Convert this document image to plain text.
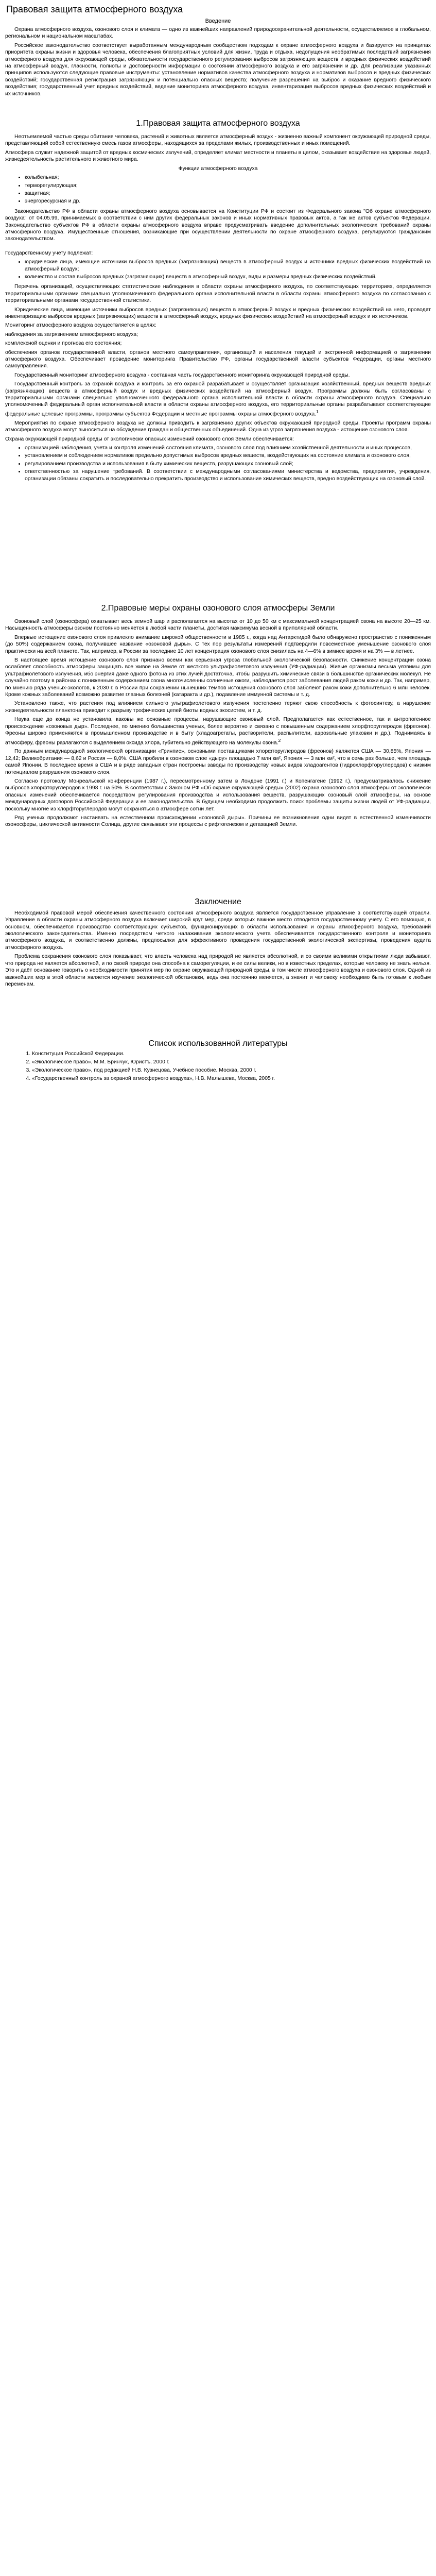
Правовая защита атмосферного воздуха
Введение

Охрана атмосферного воздуха, озонового слоя и климата — одно из важнейших направлений природоохранительной деятельности, осуществляемое в глобальном, региональном и национальном масштабах.

Российское законодательство соответствует выработанным международным сообществом подходам к охране атмосферного воздуха и базируется на принципах приоритета охраны жизни и здоровья человека, обеспечения благоприятных условий для жизни, труда и отдыха, недопущения необратимых последствий загрязнения атмосферного воздуха для окружающей среды, обязательности государственного регулирования выбросов загрязняющих веществ и вредных физических воздействий на атмосферный воздух, гласности, полноты и достоверности информации о состоянии атмосферного воздуха и его загрязнении и др. Для реализации указанных принципов используются следующие правовые инструменты: установление нормативов качества атмосферного воздуха и нормативов выбросов и вредных физических воздействий; государственная регистрация загрязняющих и потенциально опасных веществ; получение разрешения на выброс и оказание вредного физического воздействия; государственный учет вредных воздействий, ведение мониторинга атмосферного воздуха, инвентаризация выбросов вредных физических воздействий и их источников.

1.Правовая защита атмосферного воздуха

Неотъемлемой частью среды обитания человека, растений и животных является атмосферный воздух - жизненно важный компонент окружающей природной среды, представляющий собой естественную смесь газов атмосферы, находящихся за пределами жилых, производственных и иных помещений.

Атмосфера служит надежной защитой от вредных космических излучений, определяет климат местности и планеты в целом, оказывает воздействие на здоровье людей, жизнедеятельность растительного и животного мира.

Функции атмосферного воздуха

• колыбельная;
• терморегулирующая;
• защитная;
• энергоресурсная и др.

Законодательство РФ в области охраны атмосферного воздуха основывается на Конституции РФ и состоит из Федерального закона "Об охране атмосферного воздуха" от 04.05.99, принимаемых в соответствии с ним других федеральных законов и иных нормативных правовых актов, а так же актов субъектов Федерации. Законодательство субъектов РФ в области охраны атмосферного воздуха вправе предусматривать введение дополнительных экологических требований охраны атмосферного воздуха. Имущественные отношения, возникающие при осуществлении деятельности по охране атмосферного воздуха, регулируются гражданским законодательством.

Государственному учету подлежат:

• юридические лица, имеющие источники выбросов вредных (загрязняющих) веществ в атмосферный воздух и источники вредных физических воздействий на атмосферный воздух;
• количество и состав выбросов вредных (загрязняющих) веществ в атмосферный воздух, виды и размеры вредных физических воздействий.

Перечень организаций, осуществляющих статистические наблюдения в области охраны атмосферного воздуха, по соответствующих территориях, определяется территориальными органами специально уполномоченного федерального органа исполнительной власти в области охраны атмосферного воздуха по согласованию с территориальными органами государственной статистики.

Юридические лица, имеющие источники выбросов вредных (загрязняющих) веществ в атмосферный воздух и вредных физических воздействий на него, проводят инвентаризацию выбросов вредных (загрязняющих) веществ в атмосферный воздух, вредных физических воздействий на атмосферный воздух и их источников.

Мониторинг атмосферного воздуха осуществляется в целях:

наблюдения за загрязнением атмосферного воздуха;

комплексной оценки и прогноза его состояния;

обеспечения органов государственной власти, органов местного самоуправления, организаций и населения текущей и экстренной информацией о загрязнении атмосферного воздуха. Обеспечивает проведение мониторинга Правительство РФ, органы государственной власти субъектов Федерации, органы местного самоуправления.

Государственный мониторинг атмосферного воздуха - составная часть государственного мониторинга окружающей природной среды.

Государственный контроль за охраной воздуха и контроль за его охраной разрабатывает и осуществляет организация хозяйственный, вредных веществ вредных (загрязняющих) веществ в атмосферный воздух и вредных физических воздействий на атмосферный воздух. Программы должны быть согласованы с территориальными органами специально уполномоченного федерального органа исполнительной власти в области охраны атмосферного воздуха. Специально уполномоченный федеральный орган исполнительной власти в области охраны атмосферного воздуха, его территориальные органы разрабатывают соответствующие федеральные целевые программы, программы субъектов Федерации и местные программы охраны атмосферного воздуха.$^1$

Мероприятия по охране атмосферного воздуха не должны приводить к загрязнению других объектов окружающей природной среды. Проекты программ охраны атмосферного воздуха могут выноситься на обсуждение граждан и общественных объединений. Одна из угроз загрязнения воздуха - истощение озонового слоя.

Охрана окружающей природной среды от экологически опасных изменений озонового слоя Земли обеспечивается:

• организацией наблюдения, учета и контроля изменений состояния климата, озонового слоя под влиянием хозяйственной деятельности и иных процессов,
• установлением и соблюдением нормативов предельно допустимых выбросов вредных веществ, воздействующих на состояние климата и озонового слоя,
• регулированием производства и использования в быту химических веществ, разрушающих озоновый слой;
• ответственностью за нарушение требований. В соответствии с международными согласованиями министерства и ведомства, предприятия, учреждения, организации обязаны сократить и последовательно прекратить производство и использование химических веществ, вредно воздействующих на озоновый слой.
2.Правовые меры охраны озонового слоя атмосферы Земли

Озоновый слой (озоносфера) охватывает весь земной шар и располагается на высотах от 10 до 50 км с максимальной концентрацией озона на высоте 20—25 км. Насыщенность атмосферы озоном постоянно меняется в любой части планеты, достигая максимума весной в приполярной области.

Впервые истощение озонового слоя привлекло внимание широкой общественности в 1985 г., когда над Антарктидой было обнаружено пространство с пониженным (до 50%) содержанием озона, получившее название «озоновой дыры». С тех пор результаты измерений подтвердили повсеместное уменьшение озонового слоя практически на всей планете. Так, например, в России за последние 10 лет концентрация озонового слоя снизилась на 4—6% в зимнее время и на 3% — в летнее.

В настоящее время истощение озонового слоя признано всеми как серьезная угроза глобальной экологической безопасности. Снижение концентрации озона ослабляет способность атмосферы защищать все живое на Земле от жесткого ультрафиолетового излучения (УФ-радиации). Живые организмы весьма уязвимы для ультрафиолетового излучения, ибо энергия даже одного фотона из этих лучей достаточна, чтобы разрушить химические связи в большинстве органических молекул. Не случайно поэтому в районах с пониженным содержанием озона многочисленны солнечные ожоги, наблюдается рост заболевания людей раком кожи и др. Так, например, по мнению ряда ученых-экологов, к 2030 г. в России при сохранении нынешних темпов истощения озонового слоя заболеют раком кожи дополнительно 6 млн человек. Кроме кожных заболеваний возможно развитие глазных болезней (катаракта и др.), подавление иммунной системы и т. д.

Установлено также, что растения под влиянием сильного ультрафиолетового излучения постепенно теряют свою способность к фотосинтезу, а нарушение жизнедеятельности планктона приводит к разрыву трофических цепей биоты водных экосистем, и т. д.

Наука еще до конца не установила, каковы же основные процессы, нарушающие озоновый слой. Предполагается как естественное, так и антропогенное происхождение «озоновых дыр». Последнее, по мнению большинства ученых, более вероятно и связано с повышенным содержанием хлорфторуглеродов (фреонов). Фреоны широко применяются в промышленном производстве и в быту (хладоагрегаты, растворители, распылители, аэрозольные упаковки и др.). Поднимаясь в атмосферу, фреоны разлагаются с выделением оксида хлора, губительно действующего на молекулы озона.$^2$

По данным международной экологической организации «Гринпис», основными поставщиками хлорфторуглеродов (фреонов) являются США — 30,85%, Япония — 12,42; Великобритания — 8,62 и Россия — 8,0%. США пробили в озоновом слое «дыру» площадью 7 млн км², Япония — 3 млн км², что в семь раз больше, чем площадь самой Японии. В последнее время в США и в ряде западных стран построены заводы по производству новых видов хладоагентов (гидрохлорфторуглеродов) с низким потенциалом разрушения озонового слоя.

Согласно протоколу Монреальской конференции (1987 г.), пересмотренному затем в Лондоне (1991 г.) и Копенгагене (1992 г.), предусматривалось снижение выбросов хлорфторуглеродов к 1998 г. на 50%. В соответствии с Законом РФ «Об охране окружающей среды» (2002) охрана озонового слоя атмосферы от экологически опасных изменений обеспечивается посредством регулирования производства и использования веществ, разрушающих озоновый слой атмосферы, на основе международных договоров Российской Федерации и ее законодательства. В будущем необходимо продолжить поиск проблемы защиты жизни людей от УФ-радиации, поскольку многие из хлорфторуглеродов могут сохраняться в атмосфере сотни лет.

Ряд ученых продолжают настаивать на естественном происхождении «озоновой дыры». Причины ее возникновения одни видят в естественной изменчивости озоносферы, циклической активности Солнца, другие связывают эти процессы с рифтогенезом и дегазацией Земли.

Заключение

Необходимой правовой мерой обеспечения качественного состояния атмосферного воздуха является государственное управление в соответствующей отрасли. Управление в области охраны атмосферного воздуха включает широкий круг мер, среди которых важное место отводится государственному учету. С его помощью, в основном, обеспечивается производство соответствующих субъектов, функционирующих в области использования и охраны атмосферного воздуха, требований экологического законодательства. Именно посредством четкого налаживания экологического учета обеспечивается государственного контроля и мониторинга атмосферного воздуха, и соответственно должны, предпосылки для эффективного проведения государственной экологической экспертизы, проведения аудита атмосферного воздуха.

Проблема сохранения озонового слоя показывает, что власть человека над природой не является абсолютной, и со своими великими открытиями люди забывают, что природа не является абсолютной, и по своей природе она способна к саморегуляции, и ее силы велики, но в известных пределах, которые человеку не знать нельзя. Это и даёт основание говорить о необходимости принятия мер по охране окружающей природной среды, в том числе атмосферного воздуха и озонового слоя. Одной из важнейших мер в этой области является изучение экологической обстановки, ведь она постоянно меняется, а значит и человеку необходимо быть готовым к любым переменам.

Список использованной литературы
1. Конституция Российской Федерации.
2. «Экологическое право», М.М. Бринчук, Юристъ, 2000 г.
3. «Экологическое право», под редакцией Н.В. Кузнецова, Учебное пособие. Москва, 2000 г.
4. «Государственный контроль за охраной атмосферного воздуха», Н.В. Малышева, Москва, 2005 г.
